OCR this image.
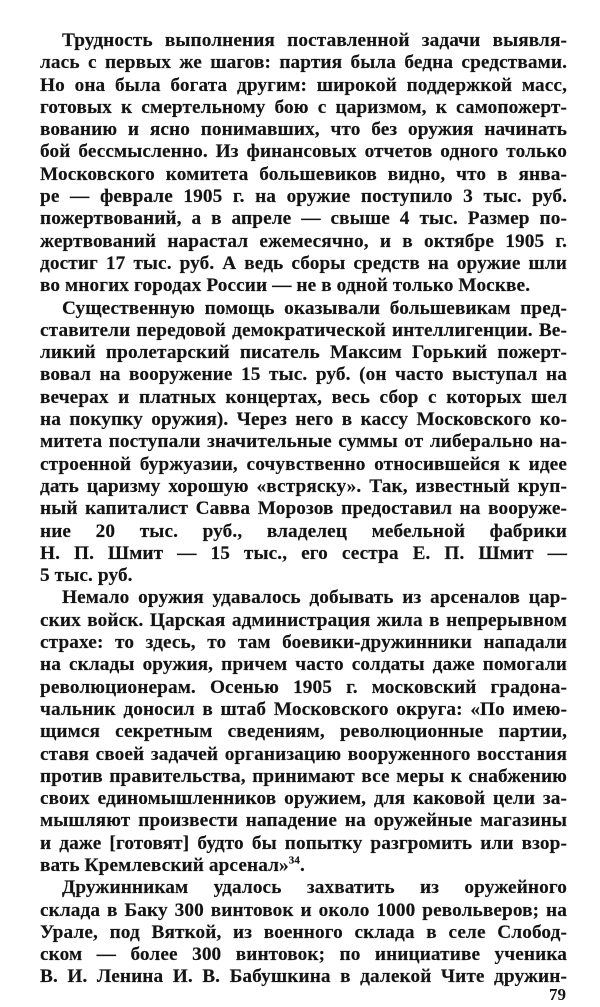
Трудность выполнения поставленной задачи выявля-
лась с первых же шагов: партия была бедна средствами.
Но она была богата другим: широкой поддержкой масс,
готовых к смертельному бою с царизмом, к самопожерт-
вованию и ясно понимавших, что без оружия начинать
бой бессмысленно. Из финансовых отчетов одного только
Московского комитета большевиков видно, что в янва-
ре — феврале 1905 г. на оружие поступило 3 тыс. руб.
пожертвований, а в апреле — свыше 4 тыс. Размер по-
жертвований нарастал ежемесячно, и в октябре 1905 г.
достиг 17 тыс. руб. А ведь сборы средств на оружие шли
во многих городах России — не в одной только Москве.
Существенную помощь оказывали большевикам пред-
ставители передовой демократической интеллигенции. Ве-
ликий пролетарский писатель Максим Горький пожерт-
вовал на вооружение 15 тыс. руб. (он часто выступал на
вечерах и платных концертах, весь сбор с которых шел
на покупку оружия). Через него в кассу Московского ко-
митета поступали значительные суммы от либерально на-
строенной буржуазии, сочувственно относившейся к идее
дать царизму хорошую «встряску». Так, известный круп-
ный капиталист Савва Морозов предоставил на вооруже-
ние 20 тыс. руб., владелец мебельной фабрики
Н. П. Шмит — 15 тыс., его сестра Е. П. Шмит —
5 тыс. руб.
Немало оружия удавалось добывать из арсеналов цар-
ских войск. Царская администрация жила в непрерывном
страхе: то здесь, то там боевики-дружинники нападали
на склады оружия, причем часто солдаты даже помогали
революционерам. Осенью 1905 г. московский градона-
чальник доносил в штаб Московского округа: «По имею-
щимся секретным сведениям, революционные партии,
ставя своей задачей организацию вооруженного восстания
против правительства, принимают все меры к снабжению
своих единомышленников оружием, для каковой цели за-
мышляют произвести нападение на оружейные магазины
и даже [готовят] будто бы попытку разгромить или взор-
вать Кремлевский арсенал»$^{34}$.
Дружинникам удалось захватить из оружейного
склада в Баку 300 винтовок и около 1000 револьверов; на
Урале, под Вяткой, из военного склада в селе Слобод-
ском — более 300 винтовок; по инициативе ученика
В. И. Ленина И. В. Бабушкина в далекой Чите дружин-
79
